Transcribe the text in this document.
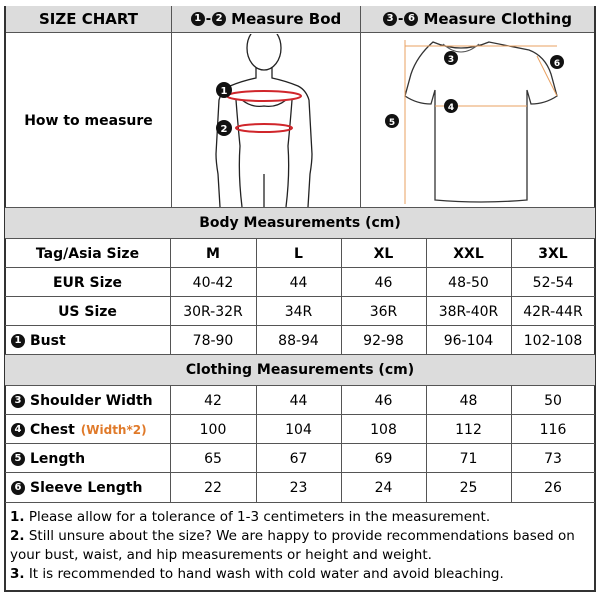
SIZE CHART	1 - 2 Measure Bod	3 - 6 Measure Clothing
How to measure
1
2
3
4
5
6
Body Measurements (cm)
Tag/Asia Size	M	L	XL	XXL	3XL
EUR Size	40-42	44	46	48-50	52-54
US Size	30R-32R	34R	36R	38R-40R	42R-44R
1 Bust	78-90	88-94	92-98	96-104	102-108
Clothing Measurements (cm)
3 Shoulder Width	42	44	46	48	50
4 Chest (Width*2)	100	104	108	112	116
5 Length	65	67	69	71	73
6 Sleeve Length	22	23	24	25	26

1. Please allow for a tolerance of 1-3 centimeters in the measurement.

2. Still unsure about the size? We are happy to provide recommendations based on your bust, waist, and hip measurements or height and weight.

3. It is recommended to hand wash with cold water and avoid bleaching.
